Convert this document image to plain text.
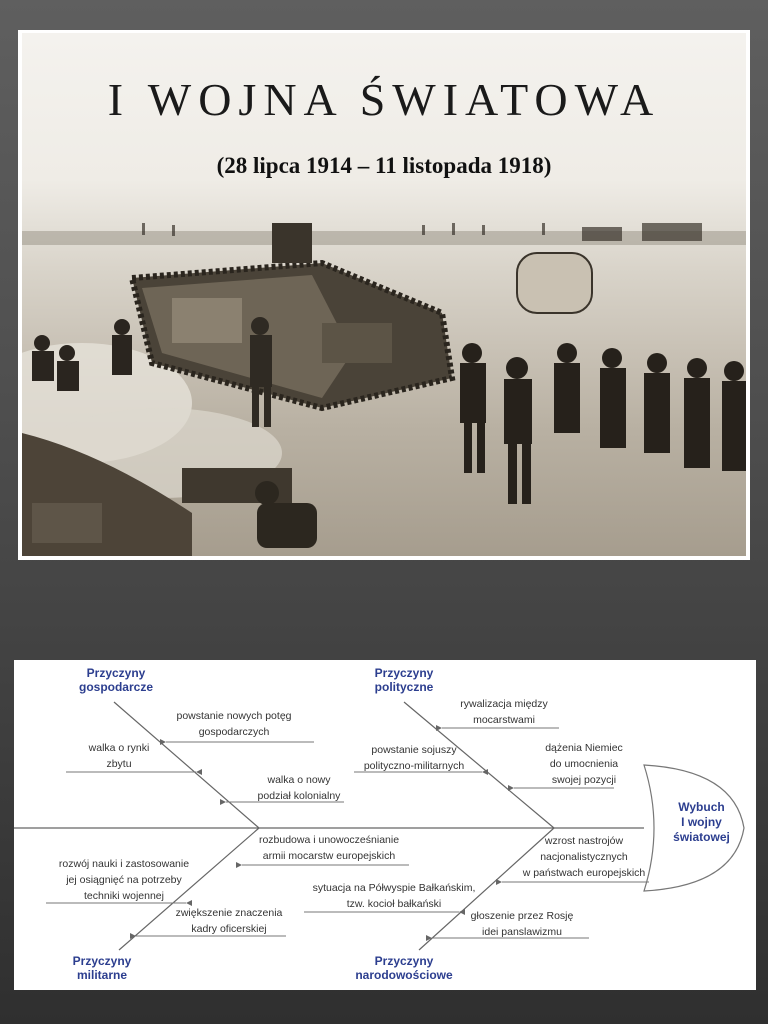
I WOJNA ŚWIATOWA
(28 lipca 1914 – 11 listopada 1918)
Przyczyny
gospodarcze
Przyczyny
polityczne
Przyczyny
militarne
Przyczyny
narodowościowe
Wybuch
I wojny
światowej
powstanie nowych potęg
gospodarczych
walka o rynki
zbytu
walka o nowy
podział kolonialny
rywalizacja między
mocarstwami
powstanie sojuszy
polityczno-militarnych
dążenia Niemiec
do umocnienia
swojej pozycji
rozbudowa i unowocześnianie
armii mocarstw europejskich
wzrost nastrojów
nacjonalistycznych
w państwach europejskich
rozwój nauki i zastosowanie
jej osiągnięć na potrzeby
techniki wojennej
sytuacja na Półwyspie Bałkańskim,
tzw. kocioł bałkański
zwiększenie znaczenia
kadry oficerskiej
głoszenie przez Rosję
idei panslawizmu
